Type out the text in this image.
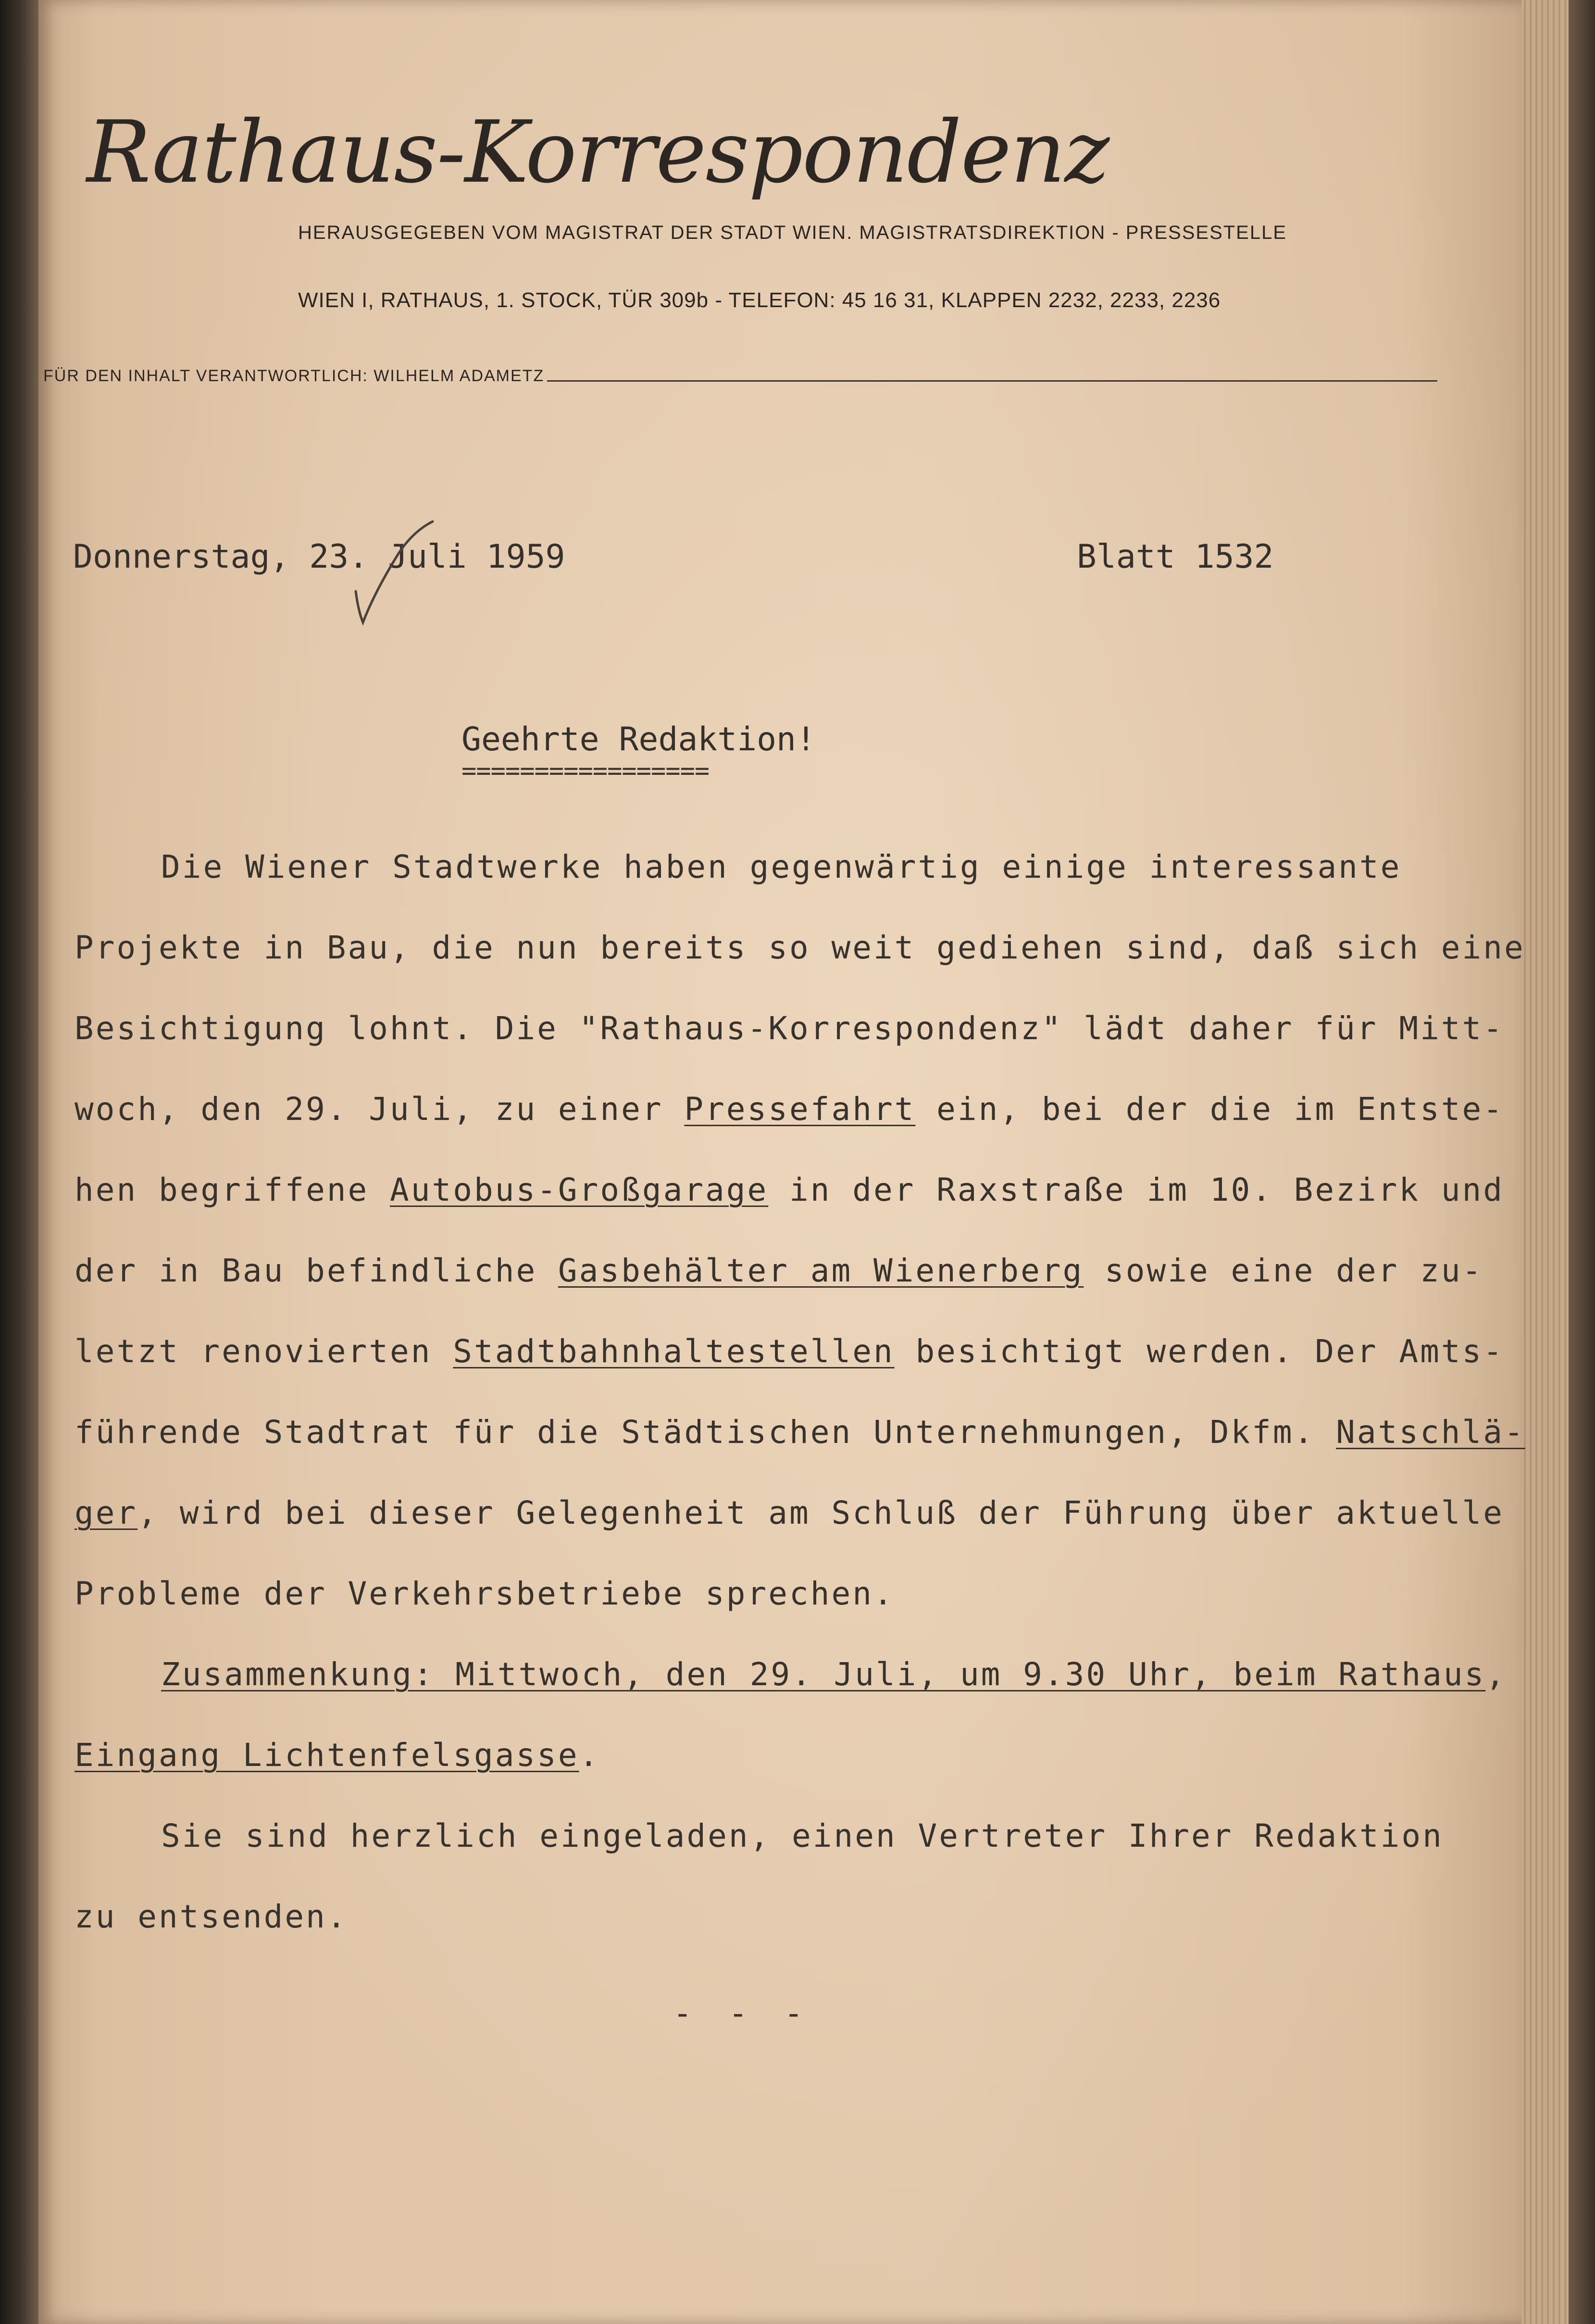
Rathaus-Korrespondenz
HERAUSGEGEBEN VOM MAGISTRAT DER STADT WIEN. MAGISTRATSDIREKTION - PRESSESTELLE
WIEN I, RATHAUS, 1. STOCK, TÜR 309b - TELEFON: 45 16 31, KLAPPEN 2232, 2233, 2236
FÜR DEN INHALT VERANTWORTLICH: WILHELM ADAMETZ
Donnerstag, 23. Juli 1959	Blatt 1532
Geehrte Redaktion!
=================
Die Wiener Stadtwerke haben gegenwärtig einige interessante
Projekte in Bau, die nun bereits so weit gediehen sind, daß sich eine
Besichtigung lohnt. Die "Rathaus-Korrespondenz" lädt daher für Mitt-
woch, den 29. Juli, zu einer Pressefahrt ein, bei der die im Entste-
hen begriffene Autobus-Großgarage in der Raxstraße im 10. Bezirk und
der in Bau befindliche Gasbehälter am Wienerberg sowie eine der zu-
letzt renovierten Stadtbahnhaltestellen besichtigt werden. Der Amts-
führende Stadtrat für die Städtischen Unternehmungen, Dkfm. Natschlä-
ger, wird bei dieser Gelegenheit am Schluß der Führung über aktuelle
Probleme der Verkehrsbetriebe sprechen.
Zusammenkung: Mittwoch, den 29. Juli, um 9.30 Uhr, beim Rathaus,
Eingang Lichtenfelsgasse.
Sie sind herzlich eingeladen, einen Vertreter Ihrer Redaktion
zu entsenden.
- - -
